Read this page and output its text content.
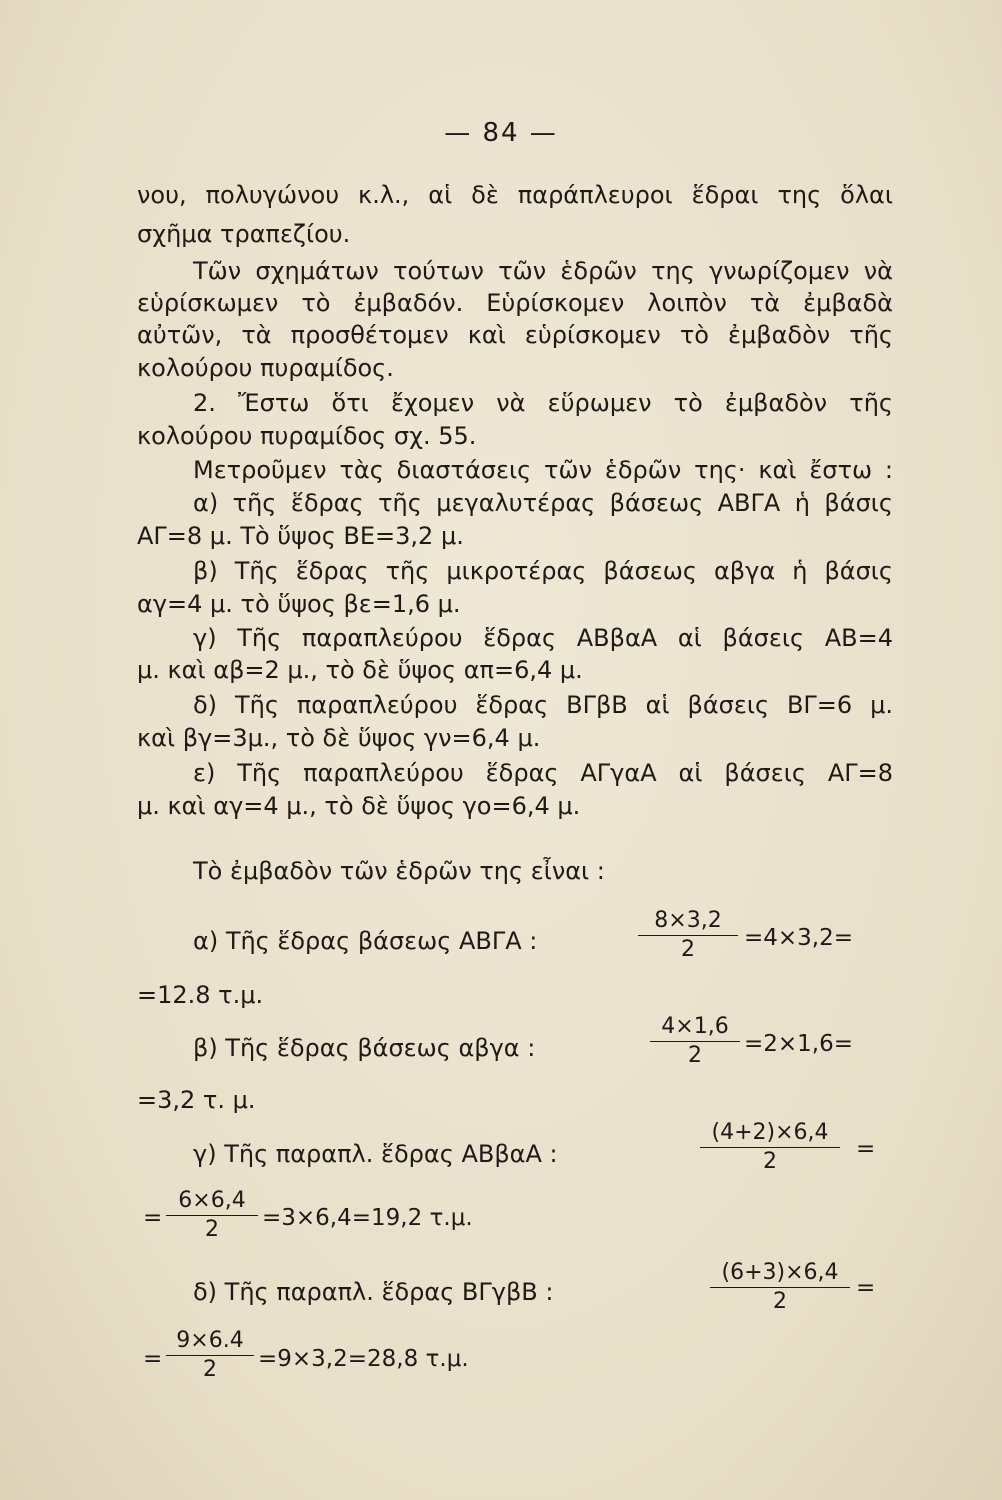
— 84 —
νου, πολυγώνου κ.λ., αἱ δὲ παράπλευροι ἕδραι της ὅλαι
σχῆμα τραπεζίου.
Τῶν σχημάτων τούτων τῶν ἑδρῶν της γνωρίζομεν νὰ
εὑρίσκωμεν τὸ ἐμβαδόν. Εὑρίσκομεν λοιπὸν τὰ ἐμβαδὰ
αὐτῶν, τὰ προσθέτομεν καὶ εὑρίσκομεν τὸ ἐμβαδὸν τῆς
κολούρου πυραμίδος.
2. Ἔστω ὅτι ἔχομεν νὰ εὕρωμεν τὸ ἐμβαδὸν τῆς
κολούρου πυραμίδος σχ. 55.
Μετροῦμεν τὰς διαστάσεις τῶν ἑδρῶν της· καὶ ἔστω :
α) τῆς ἕδρας τῆς μεγαλυτέρας βάσεως ΑΒΓΑ ἡ βάσις
ΑΓ=8 μ. Τὸ ὕψος ΒΕ=3,2 μ.
β) Τῆς ἕδρας τῆς μικροτέρας βάσεως αβγα ἡ βάσις
αγ=4 μ. τὸ ὕψος βε=1,6 μ.
γ) Τῆς παραπλεύρου ἕδρας ΑΒβαΑ αἱ βάσεις ΑΒ=4
μ. καὶ αβ=2 μ., τὸ δὲ ὕψος απ=6,4 μ.
δ) Τῆς παραπλεύρου ἕδρας ΒΓβΒ αἱ βάσεις ΒΓ=6 μ.
καὶ βγ=3μ., τὸ δὲ ὕψος γν=6,4 μ.
ε) Τῆς παραπλεύρου ἕδρας ΑΓγαΑ αἱ βάσεις ΑΓ=8
μ. καὶ αγ=4 μ., τὸ δὲ ὕψος γο=6,4 μ.
Τὸ ἐμβαδὸν τῶν ἑδρῶν της εἶναι :
α) Τῆς ἕδρας βάσεως ΑΒΓΑ :
8×3,2
2	=4×3,2=
=12.8 τ.μ.
β) Τῆς ἕδρας βάσεως αβγα :
4×1,6
2	=2×1,6=
=3,2 τ. μ.
γ) Τῆς παραπλ. ἕδρας ΑΒβαΑ :
(4+2)×6,4
2	=
=
6×6,4
2	=3×6,4=19,2 τ.μ.
δ) Τῆς παραπλ. ἕδρας ΒΓγβΒ :
(6+3)×6,4
2
=
=
9×6.4
2	=9×3,2=28,8 τ.μ.
